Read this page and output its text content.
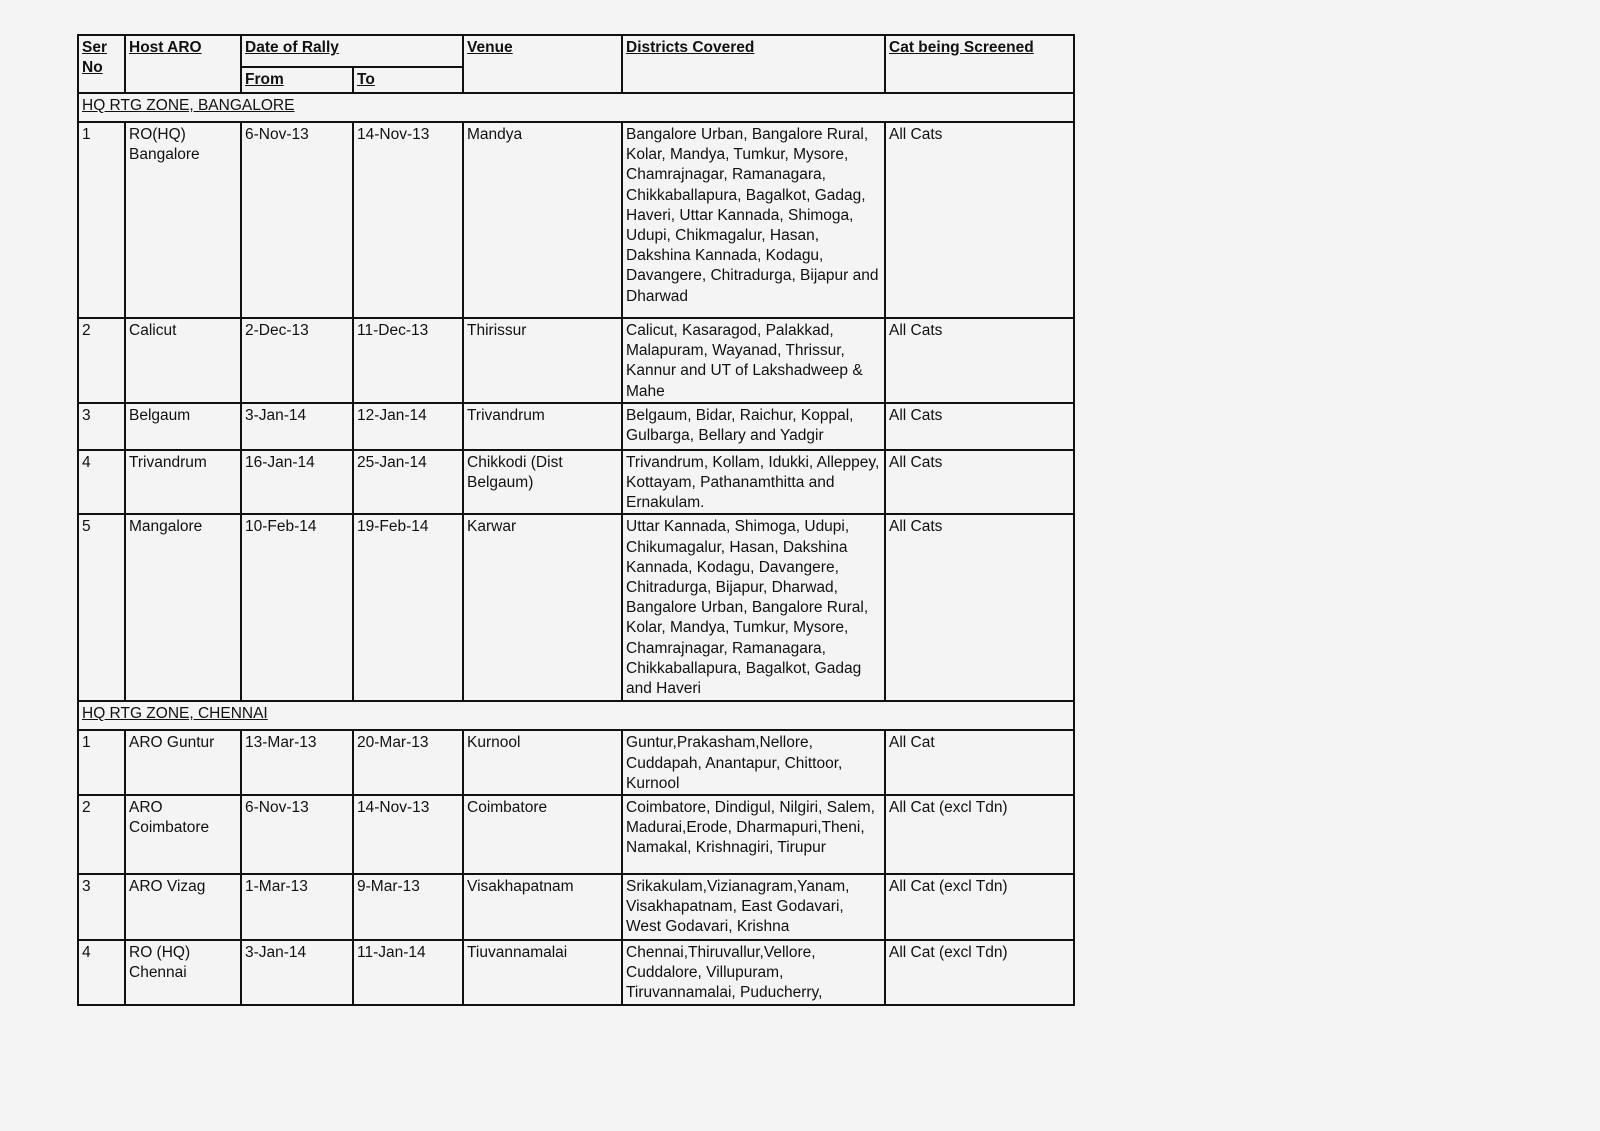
Ser No	Host ARO	Date of Rally		Venue	Districts Covered	Cat being Screened
		From	To			
HQ RTG ZONE, BANGALORE						
1	RO(HQ) Bangalore	6-Nov-13	14-Nov-13	Mandya	Bangalore Urban, Bangalore Rural, Kolar, Mandya, Tumkur, Mysore, Chamrajnagar, Ramanagara, Chikkaballapura, Bagalkot, Gadag, Haveri, Uttar Kannada, Shimoga, Udupi, Chikmagalur, Hasan, Dakshina Kannada, Kodagu, Davangere, Chitradurga, Bijapur and Dharwad	All Cats
2	Calicut	2-Dec-13	11-Dec-13	Thirissur	Calicut, Kasaragod, Palakkad, Malapuram, Wayanad, Thrissur, Kannur and UT of Lakshadweep & Mahe	All Cats
3	Belgaum	3-Jan-14	12-Jan-14	Trivandrum	Belgaum, Bidar, Raichur, Koppal, Gulbarga, Bellary and Yadgir	All Cats
4	Trivandrum	16-Jan-14	25-Jan-14	Chikkodi (Dist Belgaum)	Trivandrum, Kollam, Idukki, Alleppey, Kottayam, Pathanamthitta and Ernakulam.	All Cats
5	Mangalore	10-Feb-14	19-Feb-14	Karwar	Uttar Kannada, Shimoga, Udupi, Chikumagalur, Hasan, Dakshina Kannada, Kodagu, Davangere, Chitradurga, Bijapur, Dharwad, Bangalore Urban, Bangalore Rural, Kolar, Mandya, Tumkur, Mysore, Chamrajnagar, Ramanagara, Chikkaballapura, Bagalkot, Gadag and Haveri	All Cats
HQ RTG ZONE, CHENNAI						
1	ARO Guntur	13-Mar-13	20-Mar-13	Kurnool	Guntur,Prakasham,Nellore, Cuddapah, Anantapur, Chittoor, Kurnool	All Cat
2	ARO Coimbatore	6-Nov-13	14-Nov-13	Coimbatore	Coimbatore, Dindigul, Nilgiri, Salem, Madurai,Erode, Dharmapuri,Theni, Namakal, Krishnagiri, Tirupur	All Cat (excl Tdn)
3	ARO Vizag	1-Mar-13	9-Mar-13	Visakhapatnam	Srikakulam,Vizianagram,Yanam, Visakhapatnam, East Godavari, West Godavari, Krishna	All Cat (excl Tdn)
4	RO (HQ) Chennai	3-Jan-14	11-Jan-14	Tiuvannamalai	Chennai,Thiruvallur,Vellore, Cuddalore, Villupuram, Tiruvannamalai, Puducherry,	All Cat (excl Tdn)
